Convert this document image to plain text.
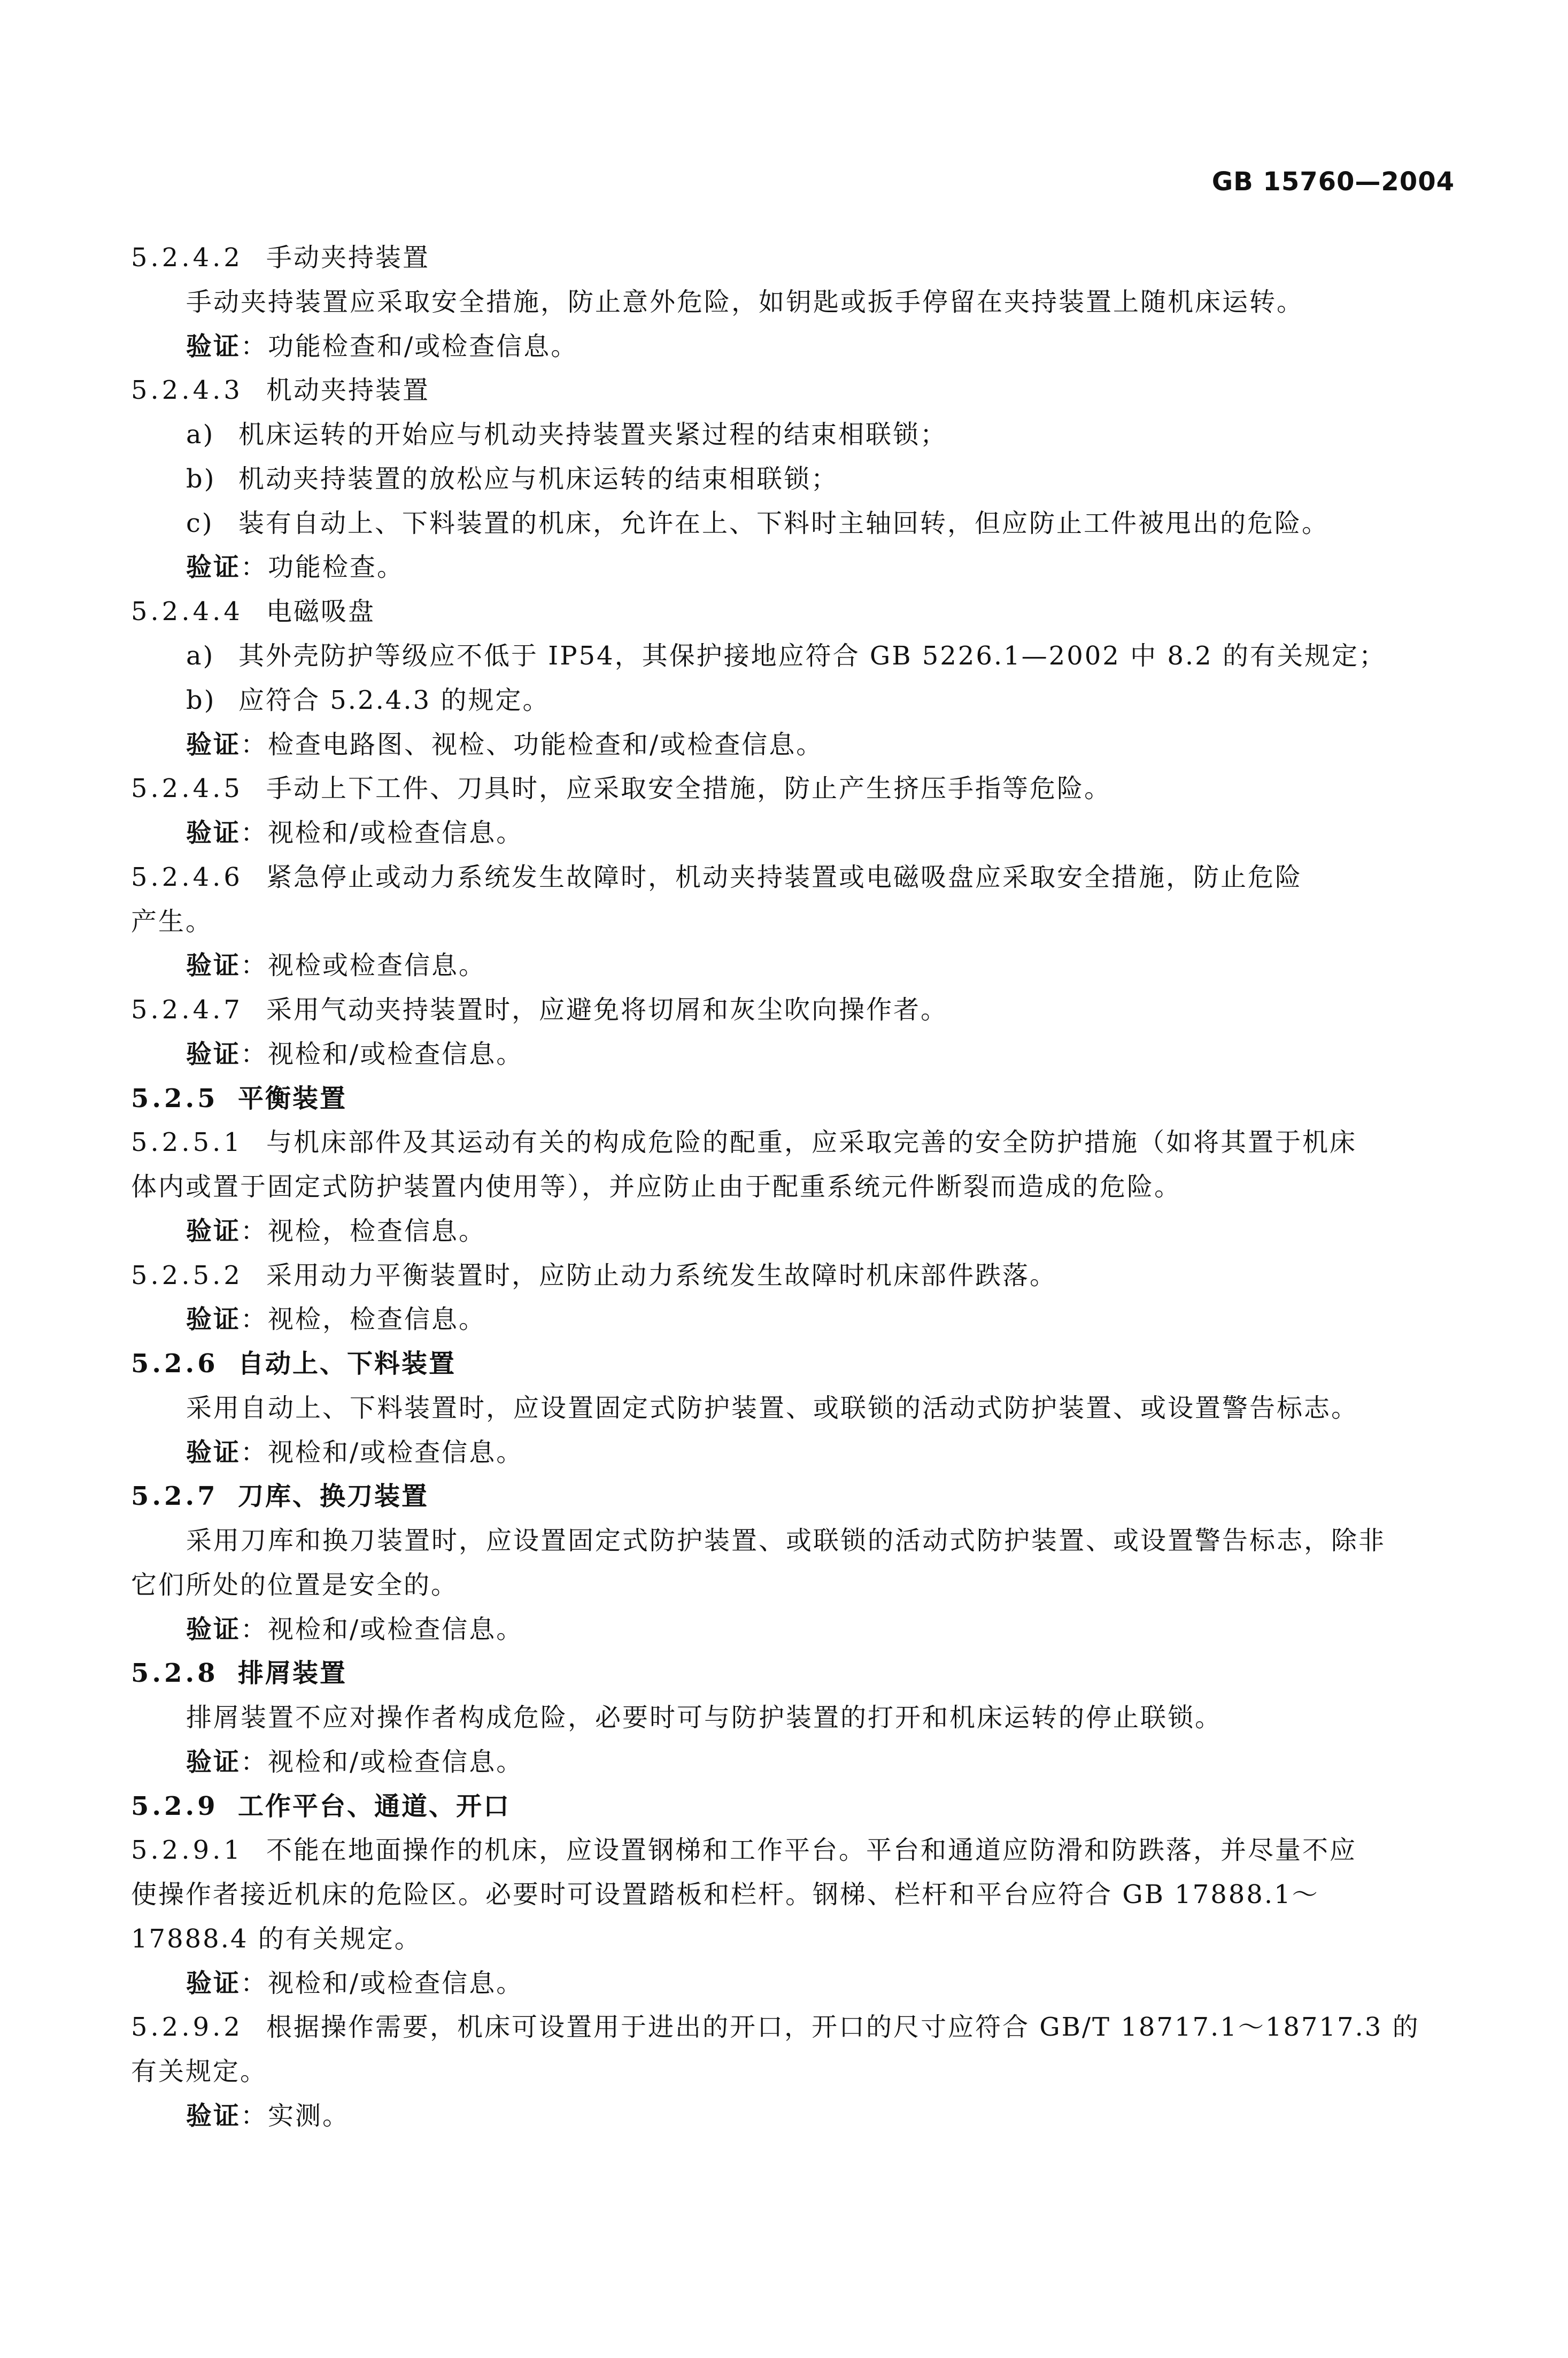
GB 15760—2004
5.2.4.2 手动夹持装置
手动夹持装置应采取安全措施，防止意外危险，如钥匙或扳手停留在夹持装置上随机床运转。
验证：功能检查和/或检查信息。
5.2.4.3 机动夹持装置
a) 机床运转的开始应与机动夹持装置夹紧过程的结束相联锁；
b) 机动夹持装置的放松应与机床运转的结束相联锁；
c) 装有自动上、下料装置的机床，允许在上、下料时主轴回转，但应防止工件被甩出的危险。
验证：功能检查。
5.2.4.4 电磁吸盘
a) 其外壳防护等级应不低于 IP54，其保护接地应符合 GB 5226.1—2002 中 8.2 的有关规定；
b) 应符合 5.2.4.3 的规定。
验证：检查电路图、视检、功能检查和/或检查信息。
5.2.4.5 手动上下工件、刀具时，应采取安全措施，防止产生挤压手指等危险。
验证：视检和/或检查信息。
5.2.4.6 紧急停止或动力系统发生故障时，机动夹持装置或电磁吸盘应采取安全措施，防止危险
产生。
验证：视检或检查信息。
5.2.4.7 采用气动夹持装置时，应避免将切屑和灰尘吹向操作者。
验证：视检和/或检查信息。
5.2.5 平衡装置
5.2.5.1 与机床部件及其运动有关的构成危险的配重，应采取完善的安全防护措施（如将其置于机床
体内或置于固定式防护装置内使用等），并应防止由于配重系统元件断裂而造成的危险。
验证：视检，检查信息。
5.2.5.2 采用动力平衡装置时，应防止动力系统发生故障时机床部件跌落。
验证：视检，检查信息。
5.2.6 自动上、下料装置
采用自动上、下料装置时，应设置固定式防护装置、或联锁的活动式防护装置、或设置警告标志。
验证：视检和/或检查信息。
5.2.7 刀库、换刀装置
采用刀库和换刀装置时，应设置固定式防护装置、或联锁的活动式防护装置、或设置警告标志，除非
它们所处的位置是安全的。
验证：视检和/或检查信息。
5.2.8 排屑装置
排屑装置不应对操作者构成危险，必要时可与防护装置的打开和机床运转的停止联锁。
验证：视检和/或检查信息。
5.2.9 工作平台、通道、开口
5.2.9.1 不能在地面操作的机床，应设置钢梯和工作平台。平台和通道应防滑和防跌落，并尽量不应
使操作者接近机床的危险区。必要时可设置踏板和栏杆。钢梯、栏杆和平台应符合 GB 17888.1～
17888.4 的有关规定。
验证：视检和/或检查信息。
5.2.9.2 根据操作需要，机床可设置用于进出的开口，开口的尺寸应符合 GB/T 18717.1～18717.3 的
有关规定。
验证：实测。
